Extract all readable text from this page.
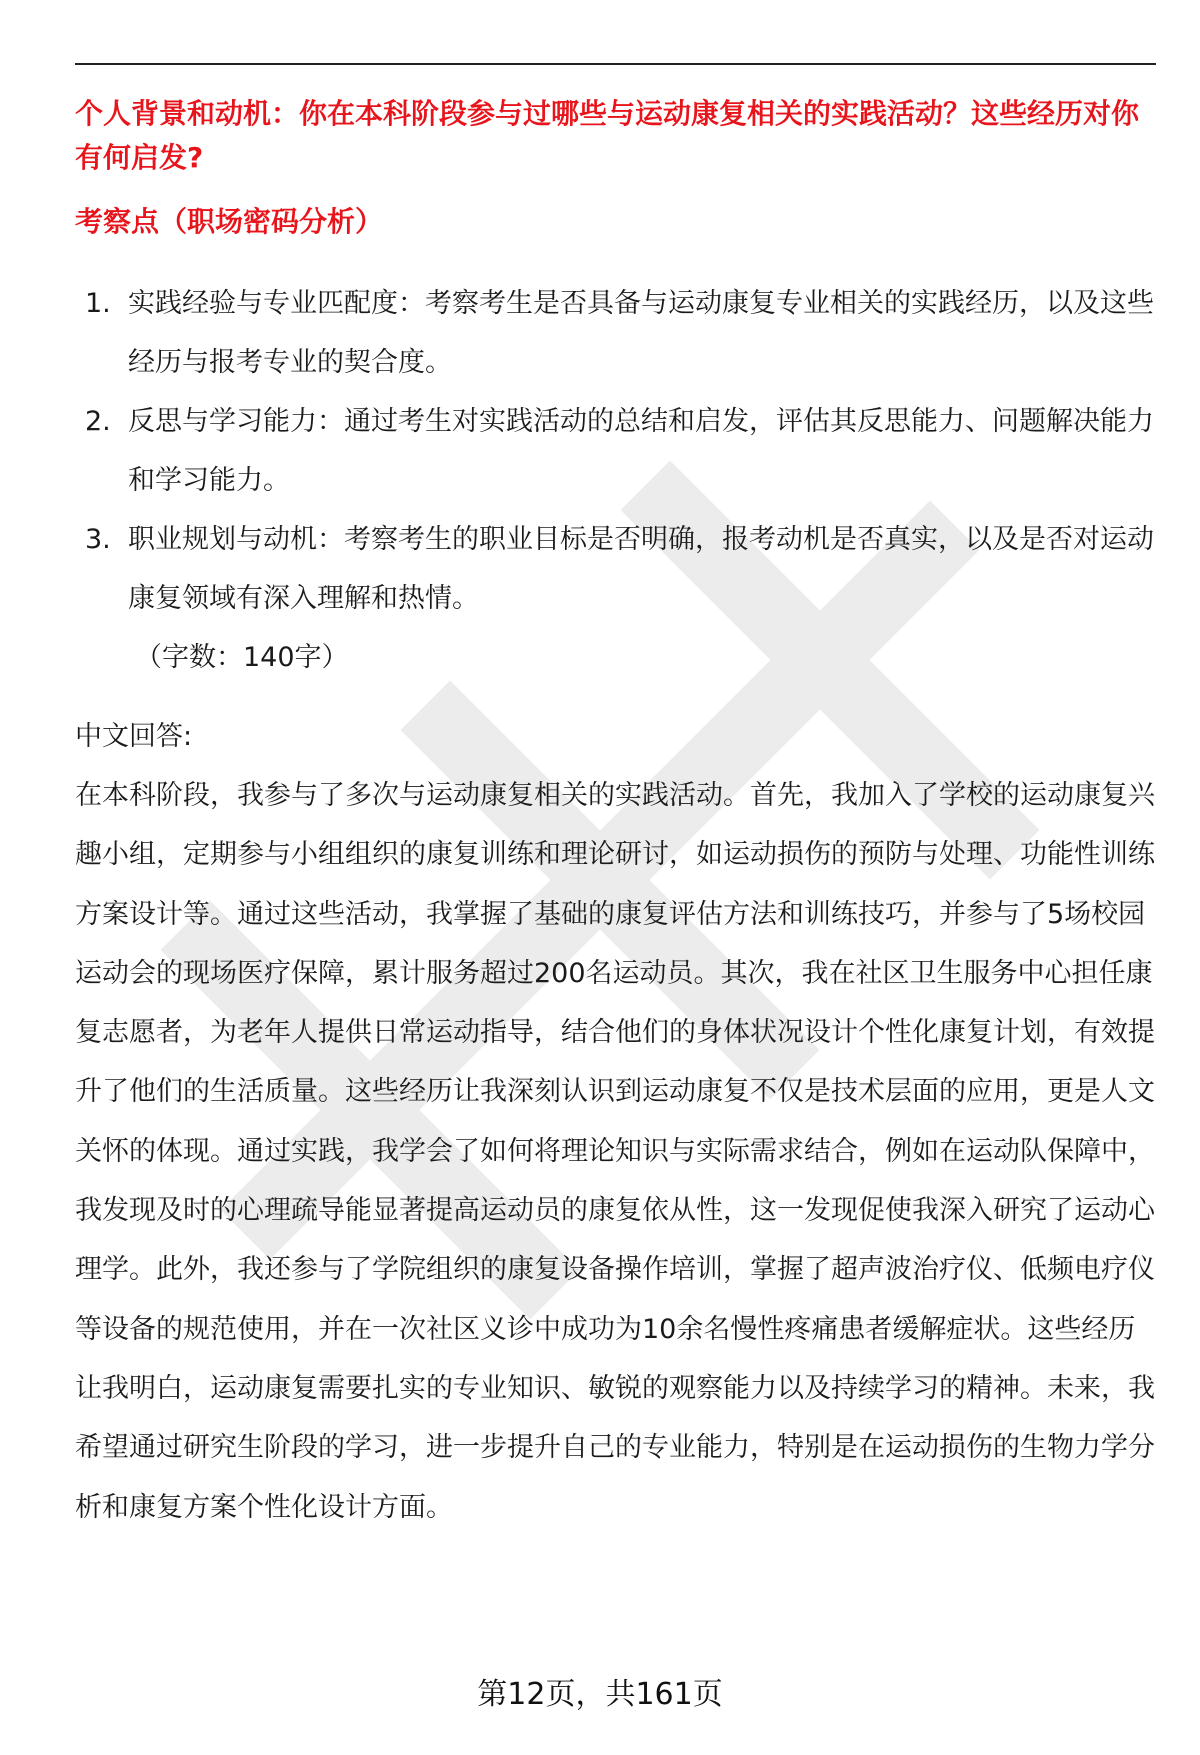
个人背景和动机：你在本科阶段参与过哪些与运动康复相关的实践活动？这些经历对你有何启发?

考察点（职场密码分析）

1. 实践经验与专业匹配度：考察考生是否具备与运动康复专业相关的实践经历，以及这些经历与报考专业的契合度。
2. 反思与学习能力：通过考生对实践活动的总结和启发，评估其反思能力、问题解决能力和学习能力。
3. 职业规划与动机：考察考生的职业目标是否明确，报考动机是否真实，以及是否对运动康复领域有深入理解和热情。

（字数：140字）

中文回答:

在本科阶段，我参与了多次与运动康复相关的实践活动。首先，我加入了学校的运动康复兴趣小组，定期参与小组组织的康复训练和理论研讨，如运动损伤的预防与处理、功能性训练方案设计等。通过这些活动，我掌握了基础的康复评估方法和训练技巧，并参与了5场校园运动会的现场医疗保障，累计服务超过200名运动员。其次，我在社区卫生服务中心担任康复志愿者，为老年人提供日常运动指导，结合他们的身体状况设计个性化康复计划，有效提升了他们的生活质量。这些经历让我深刻认识到运动康复不仅是技术层面的应用，更是人文关怀的体现。通过实践，我学会了如何将理论知识与实际需求结合，例如在运动队保障中，我发现及时的心理疏导能显著提高运动员的康复依从性，这一发现促使我深入研究了运动心理学。此外，我还参与了学院组织的康复设备操作培训，掌握了超声波治疗仪、低频电疗仪等设备的规范使用，并在一次社区义诊中成功为10余名慢性疼痛患者缓解症状。这些经历让我明白，运动康复需要扎实的专业知识、敏锐的观察能力以及持续学习的精神。未来，我希望通过研究生阶段的学习，进一步提升自己的专业能力，特别是在运动损伤的生物力学分析和康复方案个性化设计方面。

第12页，共161页
